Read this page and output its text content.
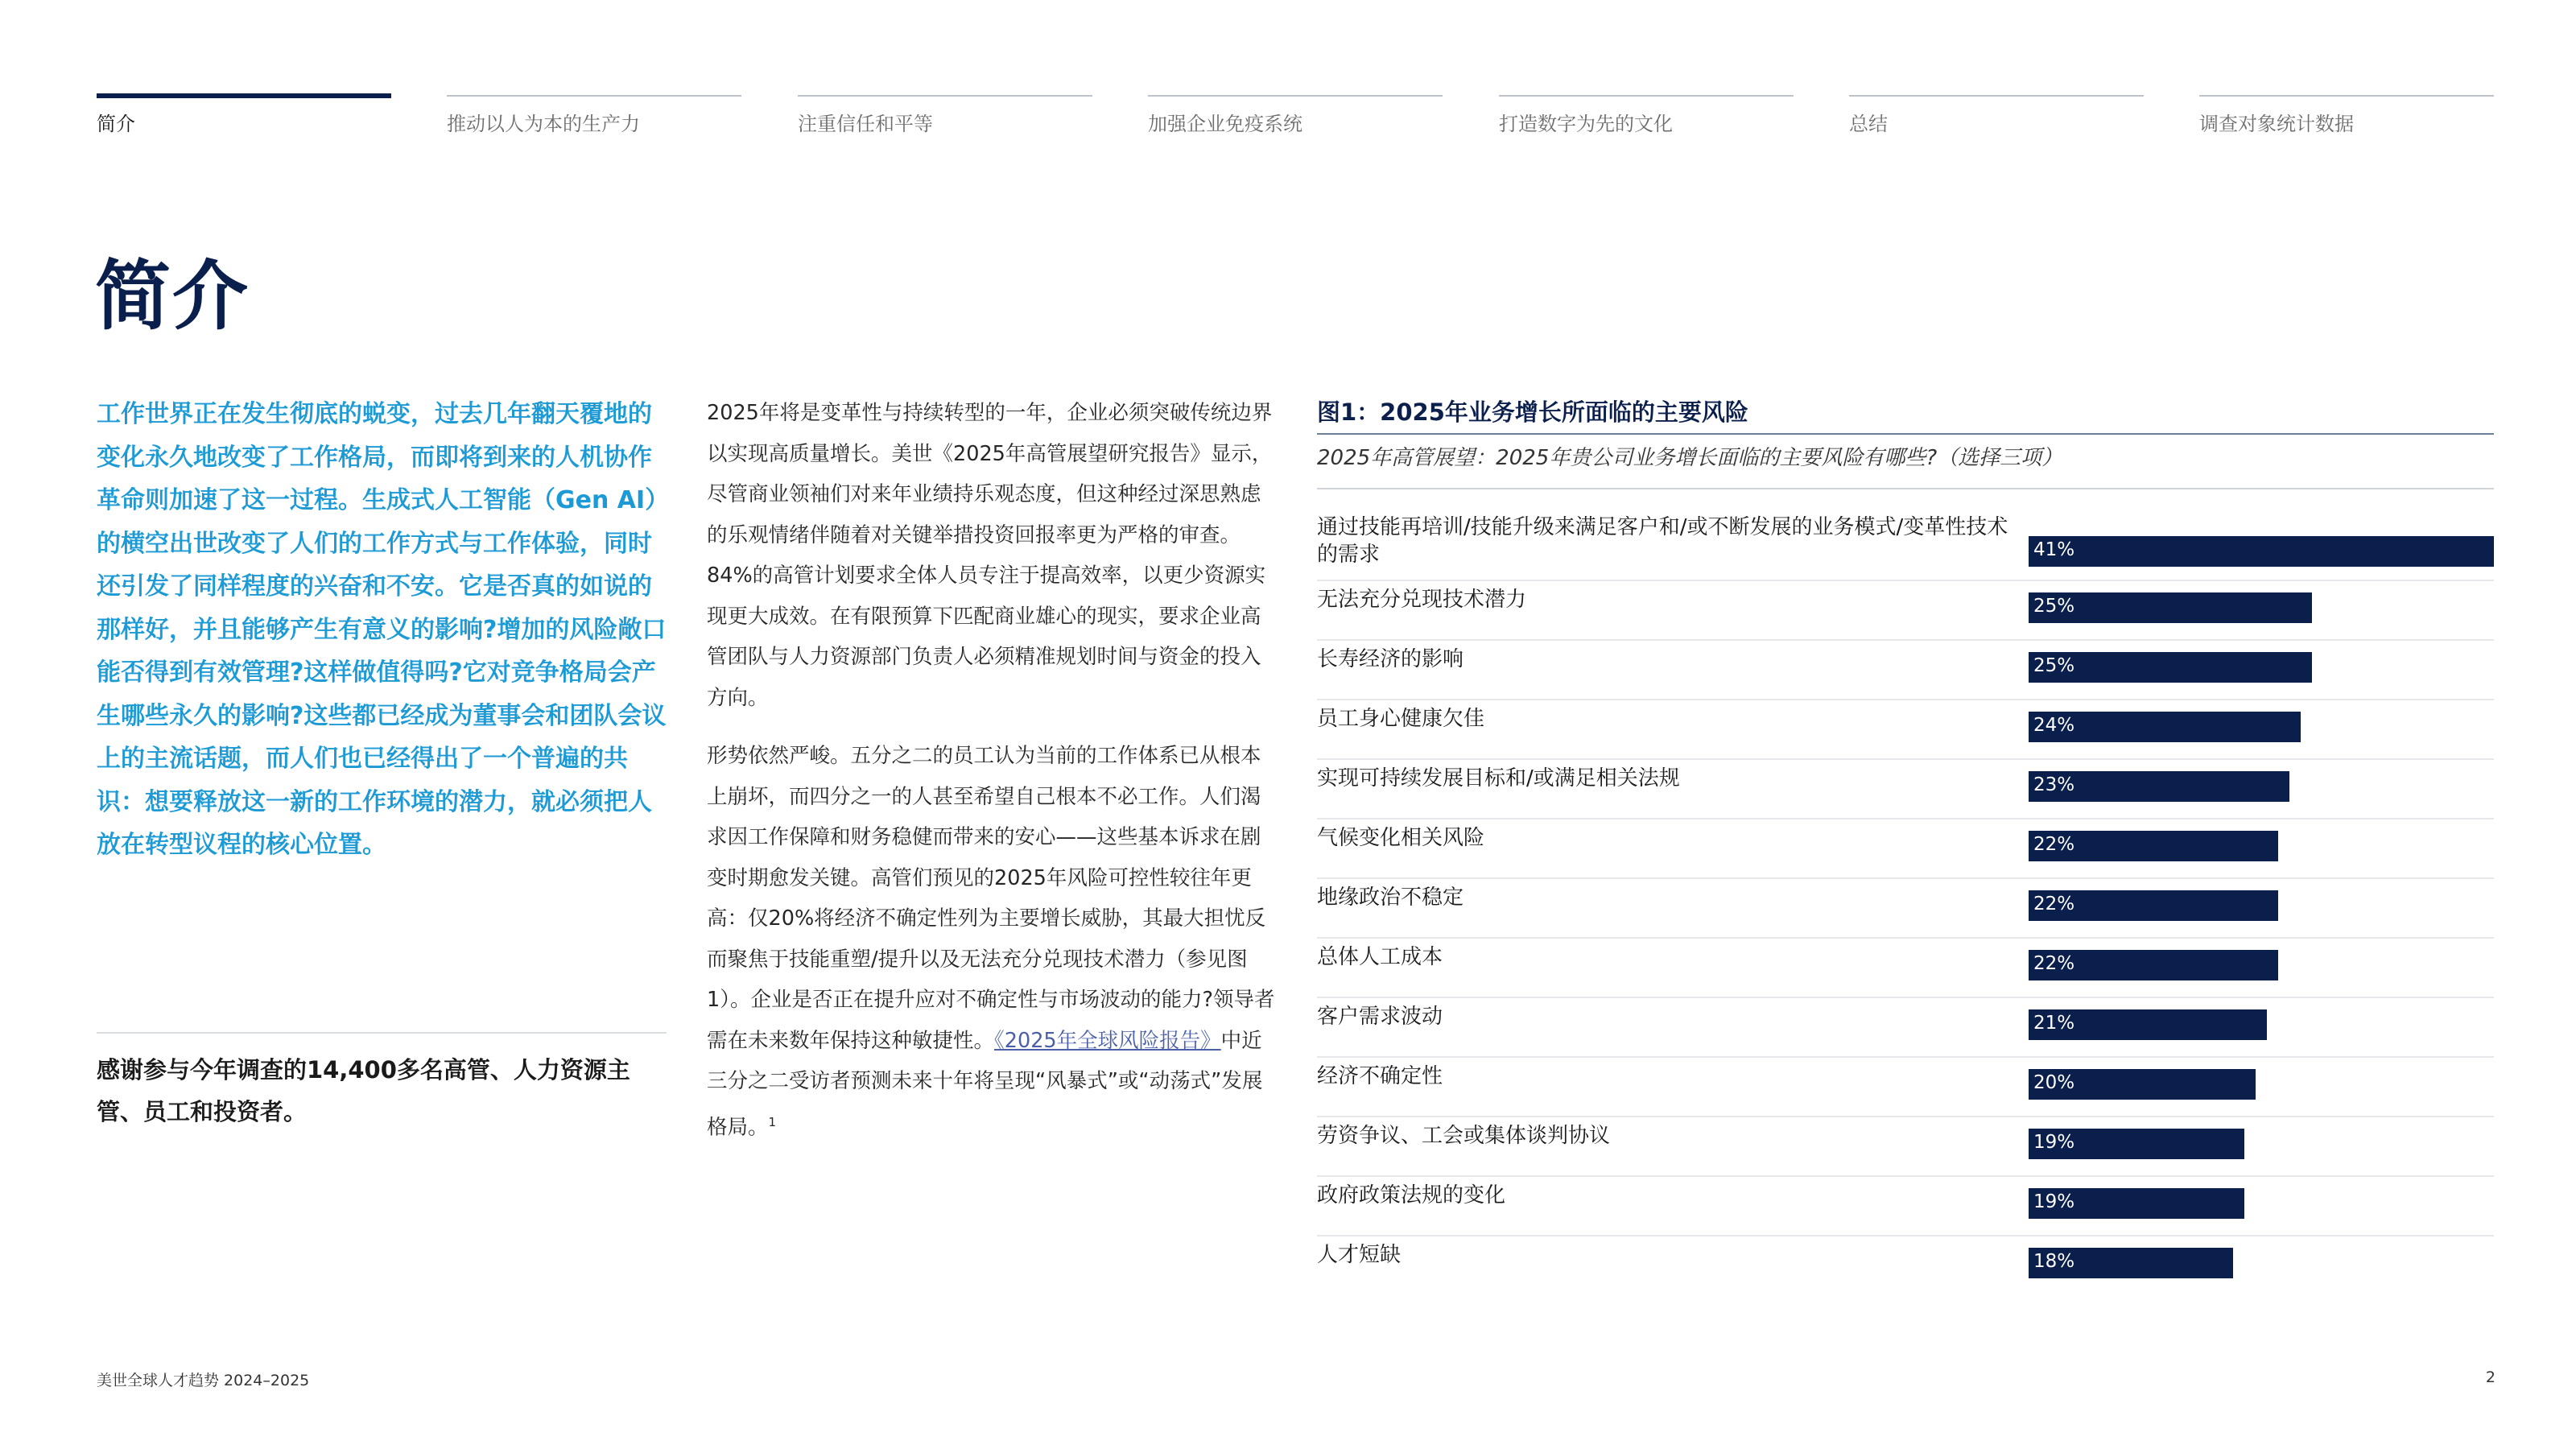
简介	推动以人为本的生产力	注重信任和平等	加强企业免疫系统	打造数字为先的文化	总结	调查对象统计数据
简介

工作世界正在发生彻底的蜕变，过去几年翻天覆地的变化永久地改变了工作格局，而即将到来的人机协作革命则加速了这一过程。生成式人工智能（Gen AI）的横空出世改变了人们的工作方式与工作体验，同时还引发了同样程度的兴奋和不安。它是否真的如说的那样好，并且能够产生有意义的影响?增加的风险敞口能否得到有效管理?这样做值得吗?它对竞争格局会产生哪些永久的影响?这些都已经成为董事会和团队会议上的主流话题，而人们也已经得出了一个普遍的共识：想要释放这一新的工作环境的潜力，就必须把人放在转型议程的核心位置。

感谢参与今年调查的14,400多名高管、人力资源主管、员工和投资者。

2025年将是变革性与持续转型的一年，企业必须突破传统边界以实现高质量增长。美世《2025年高管展望研究报告》显示，尽管商业领袖们对来年业绩持乐观态度，但这种经过深思熟虑的乐观情绪伴随着对关键举措投资回报率更为严格的审查。84%的高管计划要求全体人员专注于提高效率，以更少资源实现更大成效。在有限预算下匹配商业雄心的现实，要求企业高管团队与人力资源部门负责人必须精准规划时间与资金的投入方向。

形势依然严峻。五分之二的员工认为当前的工作体系已从根本上崩坏，而四分之一的人甚至希望自己根本不必工作。人们渴求因工作保障和财务稳健而带来的安心——这些基本诉求在剧变时期愈发关键。高管们预见的2025年风险可控性较往年更高：仅20%将经济不确定性列为主要增长威胁，其最大担忧反而聚焦于技能重塑/提升以及无法充分兑现技术潜力（参见图1）。企业是否正在提升应对不确定性与市场波动的能力?领导者需在未来数年保持这种敏捷性。《2025年全球风险报告》中近三分之二受访者预测未来十年将呈现“风暴式”或“动荡式”发展格局。$^1$

图1：2025年业务增长所面临的主要风险

2025年高管展望：2025年贵公司业务增长面临的主要风险有哪些?（选择三项）

通过技能再培训/技能升级来满足客户和/或不断发展的业务模式/变革性技术的需求	41%
无法充分兑现技术潜力	25%
长寿经济的影响	25%
员工身心健康欠佳	24%
实现可持续发展目标和/或满足相关法规	23%
气候变化相关风险	22%
地缘政治不稳定	22%
总体人工成本	22%
客户需求波动	21%
经济不确定性	20%
劳资争议、工会或集体谈判协议	19%
政府政策法规的变化	19%
人才短缺	18%
美世全球人才趋势 2024–2025	2
